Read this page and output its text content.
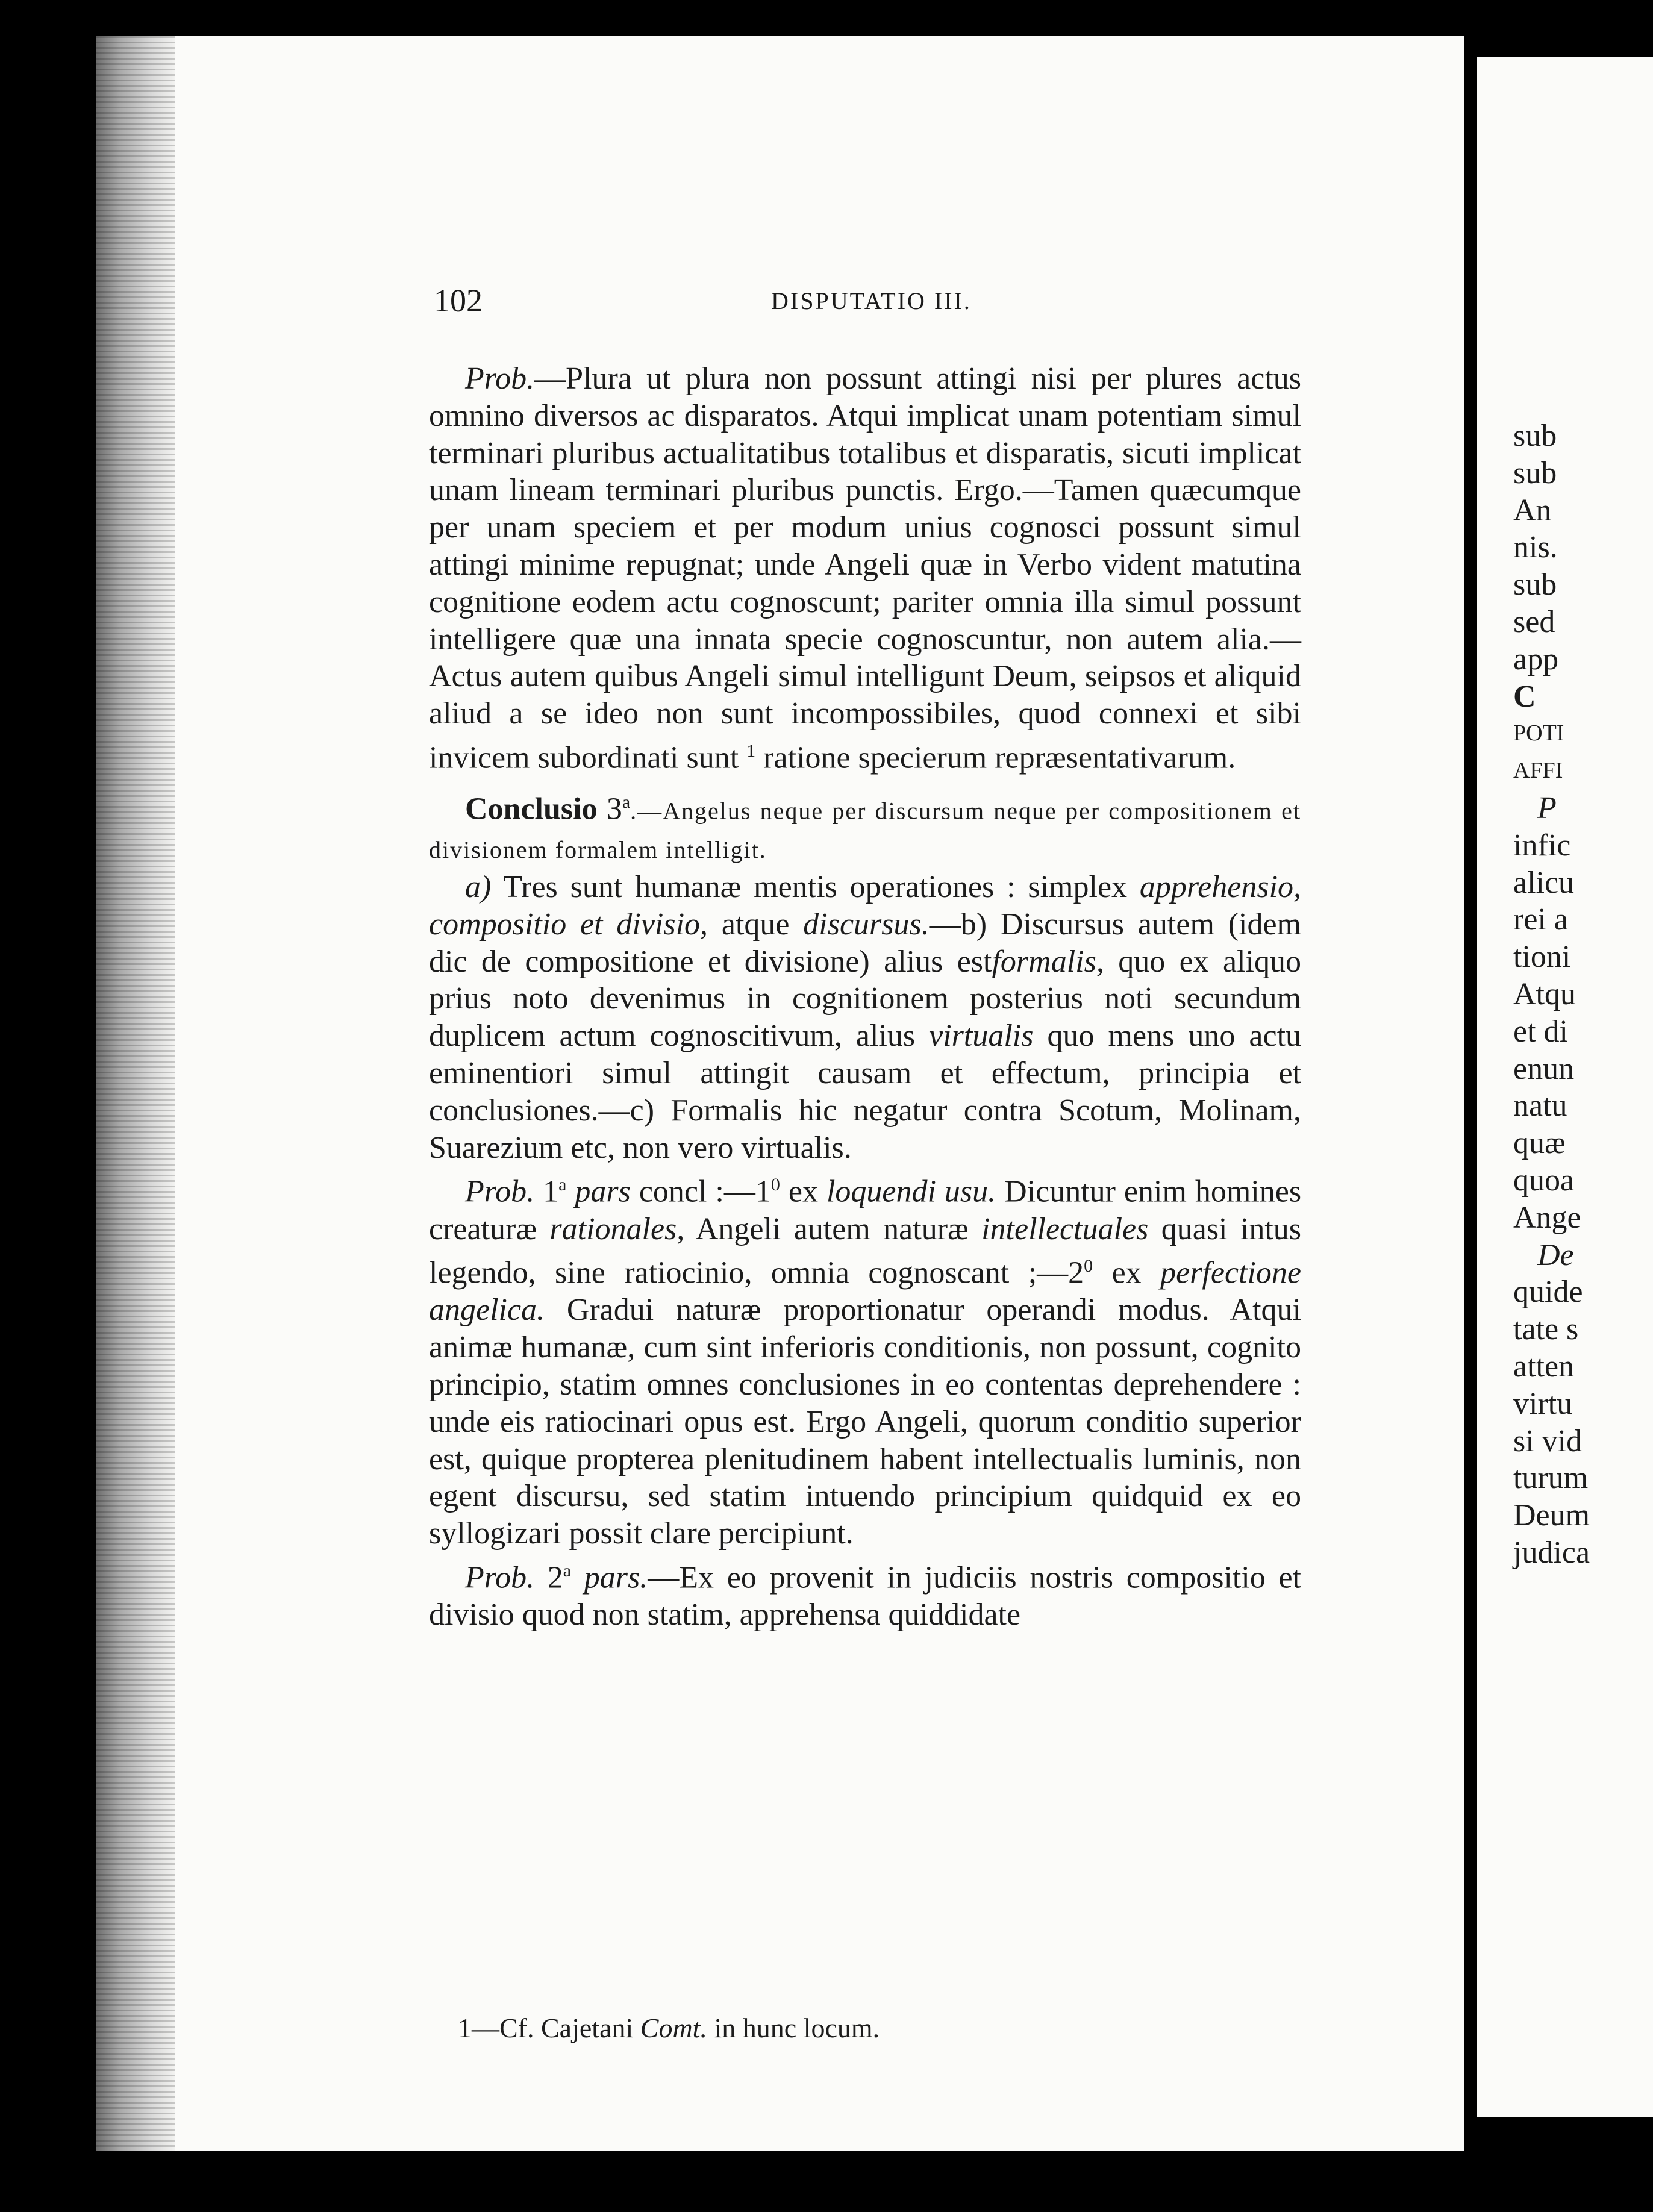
102	DISPUTATIO III.

Prob.—Plura ut plura non possunt attingi nisi per plures actus omnino diversos ac disparatos. Atqui implicat unam potentiam simul terminari pluribus actualitatibus totalibus et disparatis, sicuti implicat unam lineam terminari pluribus punctis. Ergo.—Tamen quæcumque per unam speciem et per modum unius cognosci possunt simul attingi minime repugnat; unde Angeli quæ in Verbo vident matutina cognitione eodem actu cognoscunt; pariter omnia illa simul possunt intelligere quæ una innata specie cognoscuntur, non autem alia.—Actus autem quibus Angeli simul intelligunt Deum, seipsos et aliquid aliud a se ideo non sunt incompossibiles, quod connexi et sibi invicem subordinati sunt $^1$ ratione specierum repræsentativarum.

Conclusio 3$^a$.—Angelus neque per discursum neque per compositionem et divisionem formalem intelligit.

a) Tres sunt humanæ mentis operationes : simplex apprehensio, compositio et divisio, atque discursus.—b) Discursus autem (idem dic de compositione et divisione) alius estformalis, quo ex aliquo prius noto devenimus in cognitionem posterius noti secundum duplicem actum cognoscitivum, alius virtualis quo mens uno actu eminentiori simul attingit causam et effectum, principia et conclusiones.—c) Formalis hic negatur contra Scotum, Molinam, Suarezium etc, non vero virtualis.

Prob. 1$^a$ pars concl $:—1^0$ ex loquendi usu. Dicuntur enim homines creaturæ rationales, Angeli autem naturæ intellectuales quasi intus legendo, sine ratiocinio, omnia cognoscant $;—2^0$ ex perfectione angelica. Gradui naturæ proportionatur operandi modus. Atqui animæ humanæ, cum sint inferioris conditionis, non possunt, cognito principio, statim omnes conclusiones in eo contentas deprehendere : unde eis ratiocinari opus est. Ergo Angeli, quorum conditio superior est, quique propterea plenitudinem habent intellectualis luminis, non egent discursu, sed statim intuendo principium quidquid ex eo syllogizari possit clare percipiunt.

Prob. 2$^a$ pars.—Ex eo provenit in judiciis nostris compositio et divisio quod non statim, apprehensa quiddidate

1—Cf. Cajetani Comt. in hunc locum.
sub
sub
An
nis.
sub
sed
app
C
POTI
AFFI
P
infic
alicu
rei a
tioni
Atqu
et di
enun
natu
quæ
quoa
Ange
De
quide
tate s
atten
virtu
si vid
turum
Deum
judica
